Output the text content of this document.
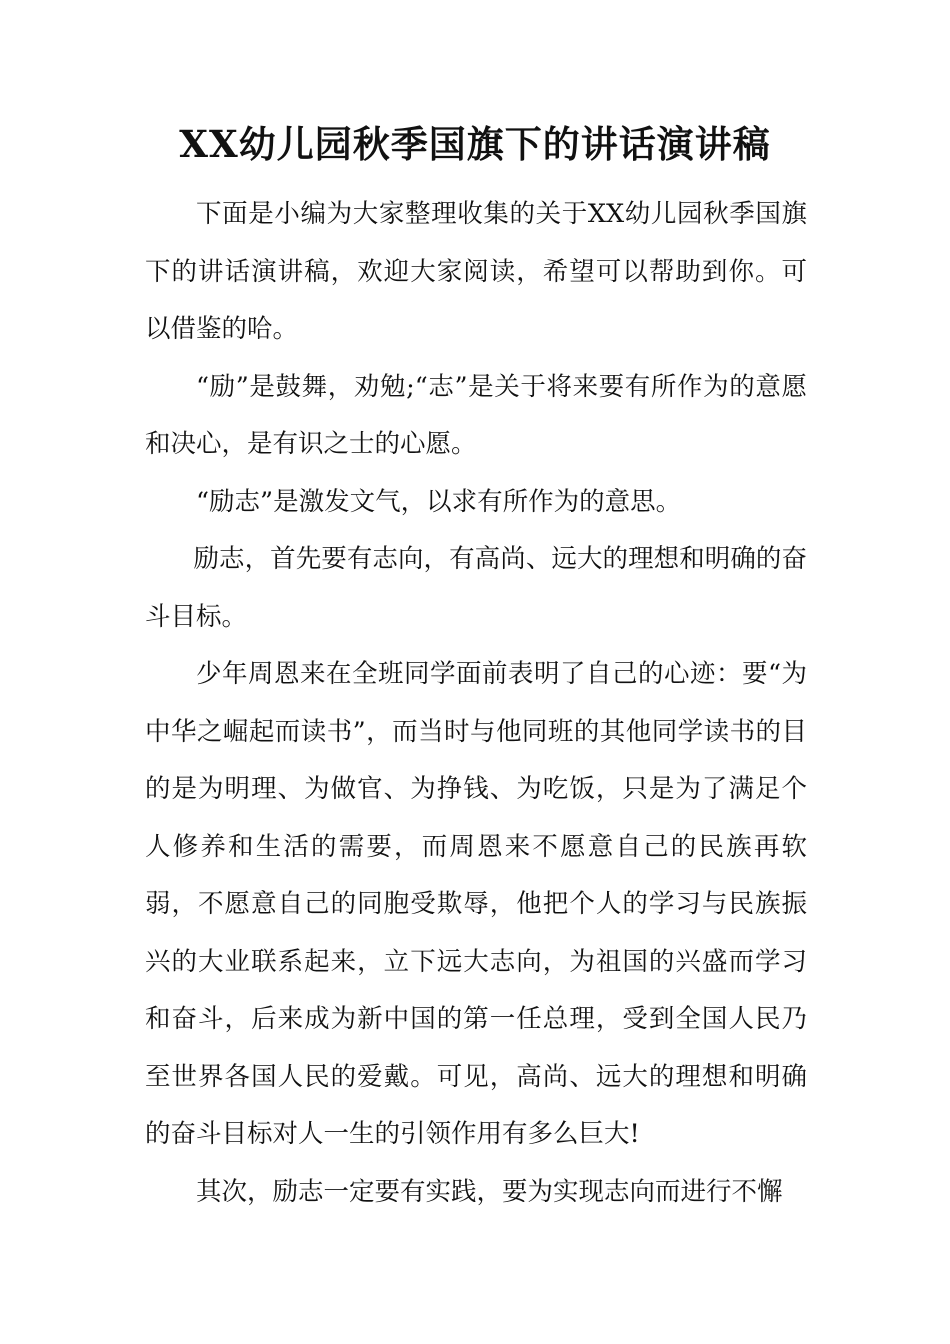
XX幼儿园秋季国旗下的讲话演讲稿

下面是小编为大家整理收集的关于XX幼儿园秋季国旗下的讲话演讲稿，欢迎大家阅读，希望可以帮助到你。可以借鉴的哈。

“励”是鼓舞，劝勉;“志”是关于将来要有所作为的意愿和决心，是有识之士的心愿。

“励志”是激发文气，以求有所作为的意思。

励志，首先要有志向，有高尚、远大的理想和明确的奋斗目标。

少年周恩来在全班同学面前表明了自己的心迹：要“为中华之崛起而读书”，而当时与他同班的其他同学读书的目的是为明理、为做官、为挣钱、为吃饭，只是为了满足个人修养和生活的需要，而周恩来不愿意自己的民族再软弱，不愿意自己的同胞受欺辱，他把个人的学习与民族振兴的大业联系起来，立下远大志向，为祖国的兴盛而学习和奋斗，后来成为新中国的第一任总理，受到全国人民乃至世界各国人民的爱戴。可见，高尚、远大的理想和明确的奋斗目标对人一生的引领作用有多么巨大!

其次，励志一定要有实践，要为实现志向而进行不懈
